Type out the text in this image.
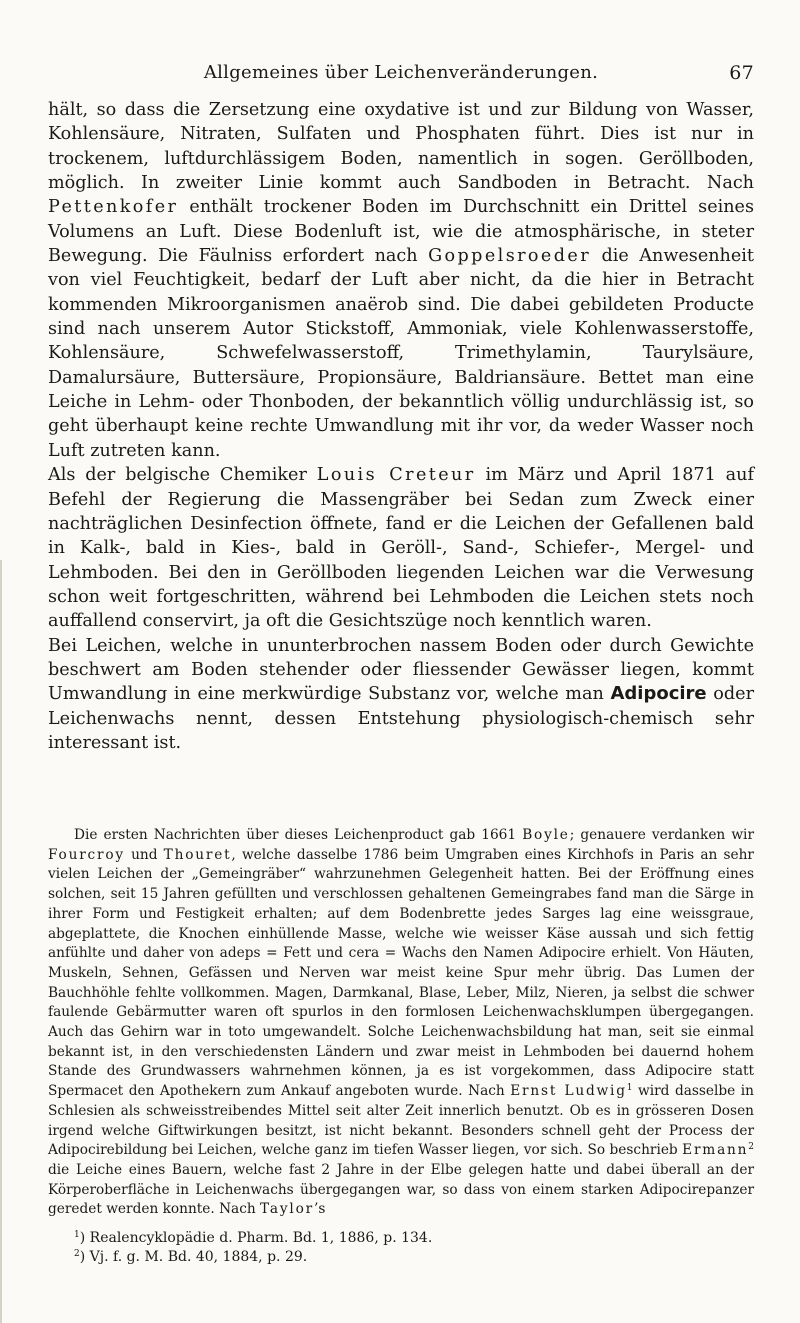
Allgemeines über Leichenveränderungen.	67

hält, so dass die Zersetzung eine oxydative ist und zur Bildung von Wasser, Kohlensäure, Nitraten, Sulfaten und Phosphaten führt. Dies ist nur in trockenem, luftdurchlässigem Boden, namentlich in sogen. Geröllboden, möglich. In zweiter Linie kommt auch Sandboden in Betracht. Nach Pettenkofer enthält trockener Boden im Durchschnitt ein Drittel seines Volumens an Luft. Diese Bodenluft ist, wie die atmosphärische, in steter Bewegung. Die Fäulniss erfordert nach Goppelsroeder die Anwesenheit von viel Feuchtigkeit, bedarf der Luft aber nicht, da die hier in Betracht kommenden Mikroorganismen anaërob sind. Die dabei gebildeten Producte sind nach unserem Autor Stickstoff, Ammoniak, viele Kohlenwasserstoffe, Kohlensäure, Schwefelwasserstoff, Trimethylamin, Taurylsäure, Damalursäure, Buttersäure, Propionsäure, Baldriansäure. Bettet man eine Leiche in Lehm- oder Thonboden, der bekanntlich völlig undurchlässig ist, so geht überhaupt keine rechte Umwandlung mit ihr vor, da weder Wasser noch Luft zutreten kann.

Als der belgische Chemiker Louis Creteur im März und April 1871 auf Befehl der Regierung die Massengräber bei Sedan zum Zweck einer nachträglichen Desinfection öffnete, fand er die Leichen der Gefallenen bald in Kalk-, bald in Kies-, bald in Geröll-, Sand-, Schiefer-, Mergel- und Lehmboden. Bei den in Geröllboden liegenden Leichen war die Verwesung schon weit fortgeschritten, während bei Lehmboden die Leichen stets noch auffallend conservirt, ja oft die Gesichtszüge noch kenntlich waren.

Bei Leichen, welche in ununterbrochen nassem Boden oder durch Gewichte beschwert am Boden stehender oder fliessender Gewässer liegen, kommt Umwandlung in eine merkwürdige Substanz vor, welche man Adipocire oder Leichenwachs nennt, dessen Entstehung physiologisch-chemisch sehr interessant ist.

Die ersten Nachrichten über dieses Leichenproduct gab 1661 Boyle; genauere verdanken wir Fourcroy und Thouret, welche dasselbe 1786 beim Umgraben eines Kirchhofs in Paris an sehr vielen Leichen der „Gemeingräber“ wahrzunehmen Gelegenheit hatten. Bei der Eröffnung eines solchen, seit 15 Jahren gefüllten und verschlossen gehaltenen Gemeingrabes fand man die Särge in ihrer Form und Festigkeit erhalten; auf dem Bodenbrette jedes Sarges lag eine weissgraue, abgeplattete, die Knochen einhüllende Masse, welche wie weisser Käse aussah und sich fettig anfühlte und daher von adeps = Fett und cera = Wachs den Namen Adipocire erhielt. Von Häuten, Muskeln, Sehnen, Gefässen und Nerven war meist keine Spur mehr übrig. Das Lumen der Bauchhöhle fehlte vollkommen. Magen, Darmkanal, Blase, Leber, Milz, Nieren, ja selbst die schwer faulende Gebärmutter waren oft spurlos in den formlosen Leichenwachsklumpen übergegangen. Auch das Gehirn war in toto umgewandelt. Solche Leichenwachsbildung hat man, seit sie einmal bekannt ist, in den verschiedensten Ländern und zwar meist in Lehmboden bei dauernd hohem Stande des Grundwassers wahrnehmen können, ja es ist vorgekommen, dass Adipocire statt Spermacet den Apothekern zum Ankauf angeboten wurde. Nach Ernst Ludwig$^1$ wird dasselbe in Schlesien als schweisstreibendes Mittel seit alter Zeit innerlich benutzt. Ob es in grösseren Dosen irgend welche Giftwirkungen besitzt, ist nicht bekannt. Besonders schnell geht der Process der Adipocirebildung bei Leichen, welche ganz im tiefen Wasser liegen, vor sich. So beschrieb Ermann$^2$ die Leiche eines Bauern, welche fast 2 Jahre in der Elbe gelegen hatte und dabei überall an der Körperoberfläche in Leichenwachs übergegangen war, so dass von einem starken Adipocirepanzer geredet werden konnte. Nach Taylor’s

$^1$) Realencyklopädie d. Pharm. Bd. 1, 1886, p. 134.
$^2$) Vj. f. g. M. Bd. 40, 1884, p. 29.
